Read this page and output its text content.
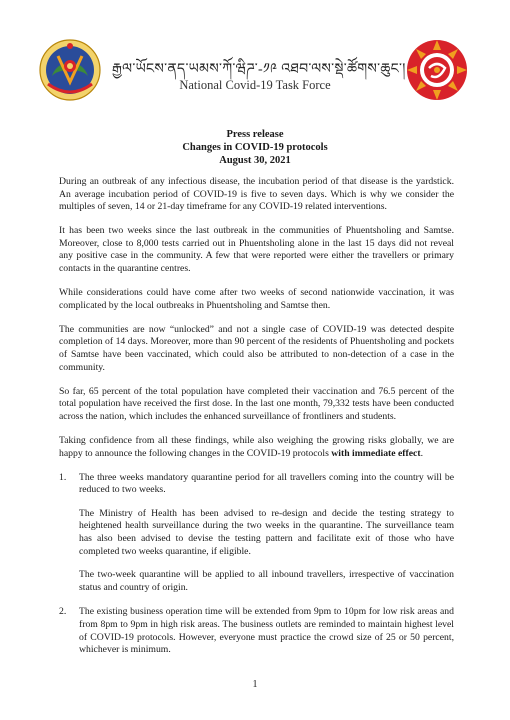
རྒྱལ་ཡོངས་ནད་ཡམས་ཀོ་ཝིཌ་-༡༩ འཐབ་ལས་སྡེ་ཚོགས་ཆུང་།
National Covid-19 Task Force
Press release
Changes in COVID-19 protocols
August 30, 2021

During an outbreak of any infectious disease, the incubation period of that disease is the yardstick. An average incubation period of COVID-19 is five to seven days. Which is why we consider the multiples of seven, 14 or 21-day timeframe for any COVID-19 related interventions.

It has been two weeks since the last outbreak in the communities of Phuentsholing and Samtse. Moreover, close to 8,000 tests carried out in Phuentsholing alone in the last 15 days did not reveal any positive case in the community. A few that were reported were either the travellers or primary contacts in the quarantine centres.

While considerations could have come after two weeks of second nationwide vaccination, it was complicated by the local outbreaks in Phuentsholing and Samtse then.

The communities are now “unlocked” and not a single case of COVID-19 was detected despite completion of 14 days. Moreover, more than 90 percent of the residents of Phuentsholing and pockets of Samtse have been vaccinated, which could also be attributed to non-detection of a case in the community.

So far, 65 percent of the total population have completed their vaccination and 76.5 percent of the total population have received the first dose. In the last one month, 79,332 tests have been conducted across the nation, which includes the enhanced surveillance of frontliners and students.

Taking confidence from all these findings, while also weighing the growing risks globally, we are happy to announce the following changes in the COVID-19 protocols with immediate effect.

1. The three weeks mandatory quarantine period for all travellers coming into the country will be reduced to two weeks.

The Ministry of Health has been advised to re-design and decide the testing strategy to heightened health surveillance during the two weeks in the quarantine. The surveillance team has also been advised to devise the testing pattern and facilitate exit of those who have completed two weeks quarantine, if eligible.

The two-week quarantine will be applied to all inbound travellers, irrespective of vaccination status and country of origin.

2. The existing business operation time will be extended from 9pm to 10pm for low risk areas and from 8pm to 9pm in high risk areas. The business outlets are reminded to maintain highest level of COVID-19 protocols. However, everyone must practice the crowd size of 25 or 50 percent, whichever is minimum.

1
